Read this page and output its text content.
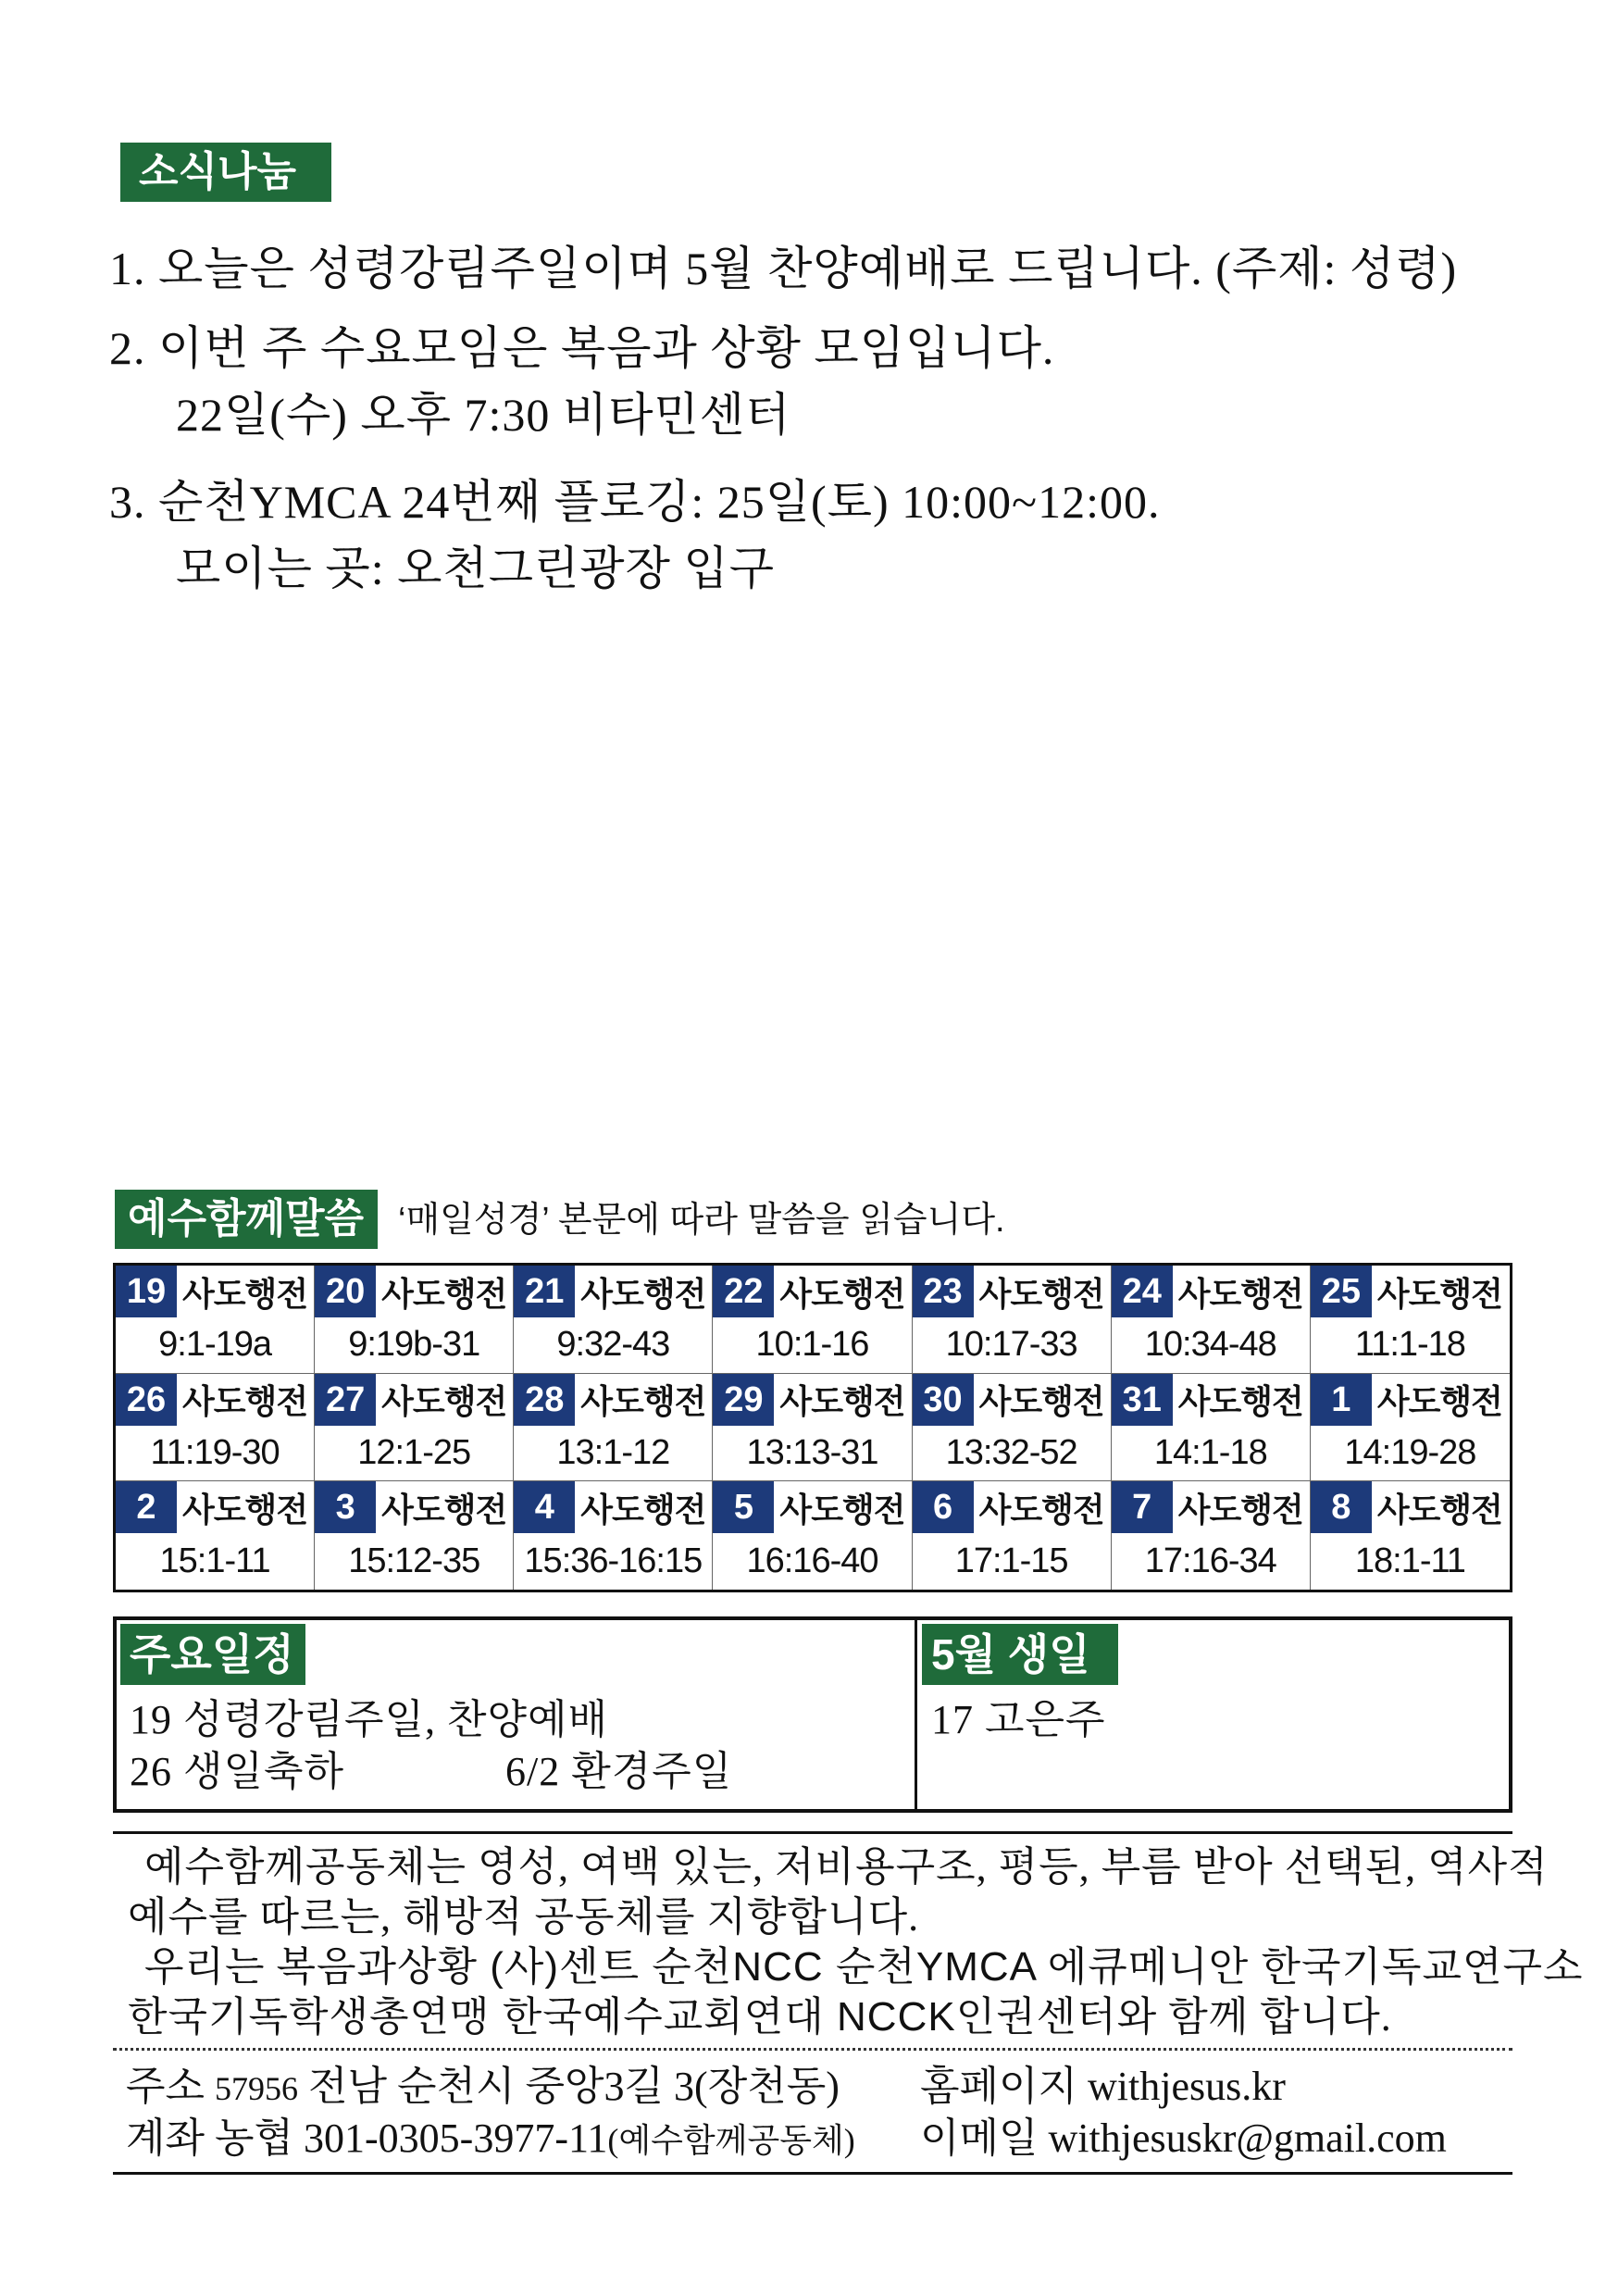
소식나눔
1. 오늘은 성령강림주일이며 5월 찬양예배로 드립니다. (주제: 성령)
2. 이번 주 수요모임은 복음과 상황 모임입니다.
22일(수) 오후 7:30 비타민센터
3. 순천YMCA 24번째 플로깅: 25일(토) 10:00~12:00.
모이는 곳: 오천그린광장 입구
예수함께말씀 ‘매일성경’ 본문에 따라 말씀을 읽습니다.
19 사도행전
9:1-19a
20 사도행전
9:19b-31
21 사도행전
9:32-43
22 사도행전
10:1-16
23 사도행전
10:17-33
24 사도행전
10:34-48
25 사도행전
11:1-18
26 사도행전
11:19-30
27 사도행전
12:1-25
28 사도행전
13:1-12
29 사도행전
13:13-31
30 사도행전
13:32-52
31 사도행전
14:1-18
1 사도행전
14:19-28
2 사도행전
15:1-11
3 사도행전
15:12-35
4 사도행전
15:36-16:15
5 사도행전
16:16-40
6 사도행전
17:1-15
7 사도행전
17:16-34
8 사도행전
18:1-11
주요일정
19 성령강림주일, 찬양예배
26 생일축하	6/2 환경주일
5월 생일
17 고은주
예수함께공동체는 영성, 여백 있는, 저비용구조, 평등, 부름 받아 선택된, 역사적
예수를 따르는, 해방적 공동체를 지향합니다.
우리는 복음과상황 (사)센트 순천NCC 순천YMCA 에큐메니안 한국기독교연구소
한국기독학생총연맹 한국예수교회연대 NCCK인권센터와 함께 합니다.
주소 57956 전남 순천시 중앙3길 3(장천동) 홈페이지 withjesus.kr
계좌 농협 301-0305-3977-11(예수함께공동체) 이메일 withjesuskr@gmail.com
